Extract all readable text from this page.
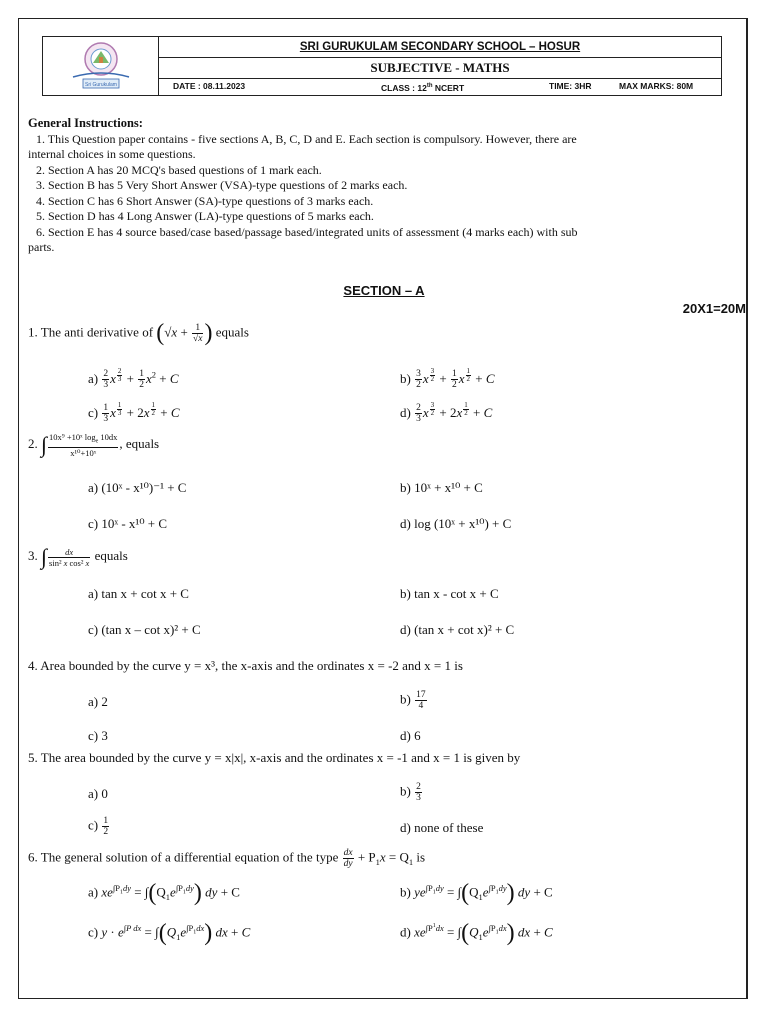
Sri Gurukulam
SRI GURUKULAM SECONDARY SCHOOL – HOSUR
SUBJECTIVE - MATHS
DATE : 08.11.2023	CLASS : 12th NCERT	TIME: 3HR	MAX MARKS: 80M
General Instructions:
1. This Question paper contains - five sections A, B, C, D and E. Each section is compulsory. However, there are
internal choices in some questions.
2. Section A has 20 MCQ's based questions of 1 mark each.
3. Section B has 5 Very Short Answer (VSA)-type questions of 2 marks each.
4. Section C has 6 Short Answer (SA)-type questions of 3 marks each.
5. Section D has 4 Long Answer (LA)-type questions of 5 marks each.
6. Section E has 4 source based/case based/passage based/integrated units of assessment (4 marks each) with sub
parts.
SECTION – A
20X1=20M
1. The anti derivative of ($√x + \frac{1}{√x}$ ) equals
$a) \frac{2}{3}$ x $^{\frac{2}{3}} + \frac{1}{2} x^2 + C$	$b) \frac{3}{2}$ x $^{\frac{3}{2}} + \frac{1}{2}$ x $^{\frac{1}{2}}$ + C
$c) \frac{1}{3}$ x $^{\frac{1}{3}}$ + 2x $^{\frac{1}{2}}$ + C	$d) \frac{2}{3}$ x $^{\frac{3}{2}}$ + 2x $^{\frac{1}{2}}$ + C
2. ∫ $\frac{10x^9 +10ˣ \log_e 10dx}{\text{x¹⁰+10ˣ}}$ , equals
a) (10ˣ - x¹⁰)⁻¹ + C	b) 10ˣ + x¹⁰ + C
c) 10ˣ - x¹⁰ + C	d) log (10ˣ + x¹⁰) + C
3. ∫ $\frac{dx}{\text{sin² x cos² x}}$ equals
a) tan x + cot x + C	b) tan x - cot x + C
c) (tan x – cot x)² + C	d) (tan x + cot x)² + C
4. Area bounded by the curve y = x³, the x-axis and the ordinates x = -2 and x = 1 is
a) 2	$b) \frac{17}{4}$
c) 3	d) 6
5. The area bounded by the curve y = x|x|, x-axis and the ordinates x = -1 and x = 1 is given by
a) 0	$b) \frac{2}{3}$
$c) \frac{1}{2}$	d) none of these
6. The general solution of a differential equation of the type $\frac{dx}{dy} + P_1x = Q_1$ is
a) $xe^{\int P_1dy} = \int(Q_1e^{\int P_1dy})$ dy + C	b) $ye^{\int P_1dy} = \int(Q_1e^{\int P_1dy})$ dy + C
c) $y \cdot e^{\int P dx} = \int(Q_1e^{\int P_1dx})$ dx + C	d) $xe^{\int P^1dx} = \int(Q_1e^{\int P_1dx})$ dx + C
